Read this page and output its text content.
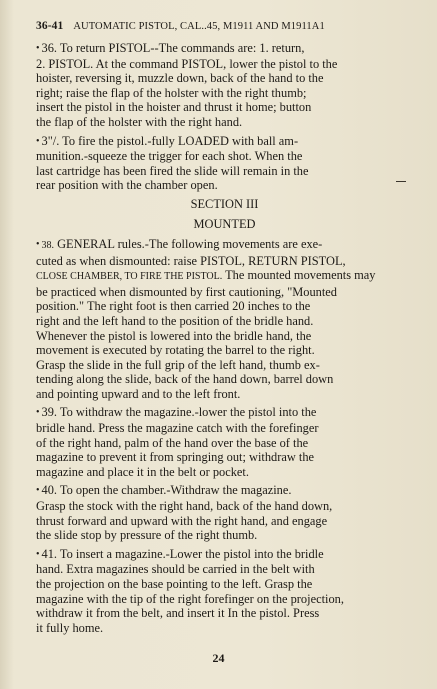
36-41 AUTOMATIC PISTOL, CAL..45, M1911 AND M1911A1

• 36. To return PISTOL--The commands are: 1. return,
2. PISTOL. At the command PISTOL, lower the pistol to the
hoister, reversing it, muzzle down, back of the hand to the
right; raise the flap of the holster with the right thumb;
insert the pistol in the hoister and thrust it home; button
the flap of the holster with the right hand.

• 3"/. To fire the pistol.-fully LOADED with ball am-
munition.-squeeze the trigger for each shot. When the
last cartridge has been fired the slide will remain in the
rear position with the chamber open.

SECTION III
MOUNTED

• 38. GENERAL rules.-The following movements are exe-
cuted as when dismounted: raise PISTOL, RETURN PISTOL,
CLOSE CHAMBER, TO FIRE THE PISTOL. The mounted movements may
be practiced when dismounted by first cautioning, "Mounted
position." The right foot is then carried 20 inches to the
right and the left hand to the position of the bridle hand.
Whenever the pistol is lowered into the bridle hand, the
movement is executed by rotating the barrel to the right.
Grasp the slide in the full grip of the left hand, thumb ex-
tending along the slide, back of the hand down, barrel down
and pointing upward and to the left front.

• 39. To withdraw the magazine.-lower the pistol into the
bridle hand. Press the magazine catch with the forefinger
of the right hand, palm of the hand over the base of the
magazine to prevent it from springing out; withdraw the
magazine and place it in the belt or pocket.

• 40. To open the chamber.-Withdraw the magazine.
Grasp the stock with the right hand, back of the hand down,
thrust forward and upward with the right hand, and engage
the slide stop by pressure of the right thumb.

• 41. To insert a magazine.-Lower the pistol into the bridle
hand. Extra magazines should be carried in the belt with
the projection on the base pointing to the left. Grasp the
magazine with the tip of the right forefinger on the projection,
withdraw it from the belt, and insert it In the pistol. Press
it fully home.

24
